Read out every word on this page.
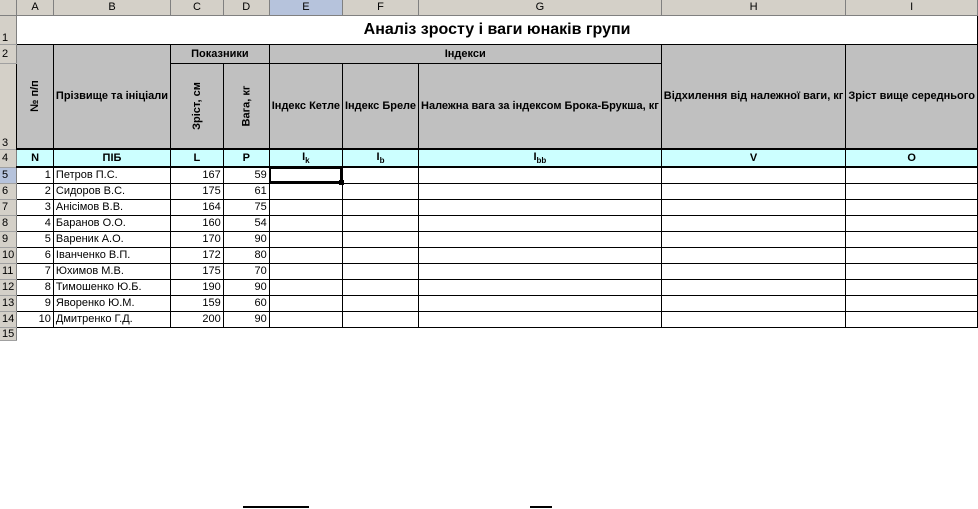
	A	B	C	D	E	F	G	H	I
1	Аналіз зросту і ваги юнаків групи								
2	№ п/п	Прізвище та ініціали	Показники		Індекси			Відхилення від належної ваги, кг	Зріст вище середнього
3			Зріст, см	Вага, кг	Індекс Кетле	Індекс Бреле	Належна вага за індексом Брока-Брукша, кг		
4	N	ПІБ	L	P	$I_k$	$I_b$	$I_{bb}$	V	O
5	1	Петров П.С.	167	59	

6	2	Сидоров В.С.	175	61					
7	3	Анісімов В.В.	164	75					
8	4	Баранов О.О.	160	54					
9	5	Вареник А.О.	170	90					
10	6	Іванченко В.П.	172	80					
11	7	Юхимов М.В.	175	70					
12	8	Тимошенко Ю.Б.	190	90					
13	9	Яворенко Ю.М.	159	60					
14	10	Дмитренко Г.Д.	200	90					
15									
